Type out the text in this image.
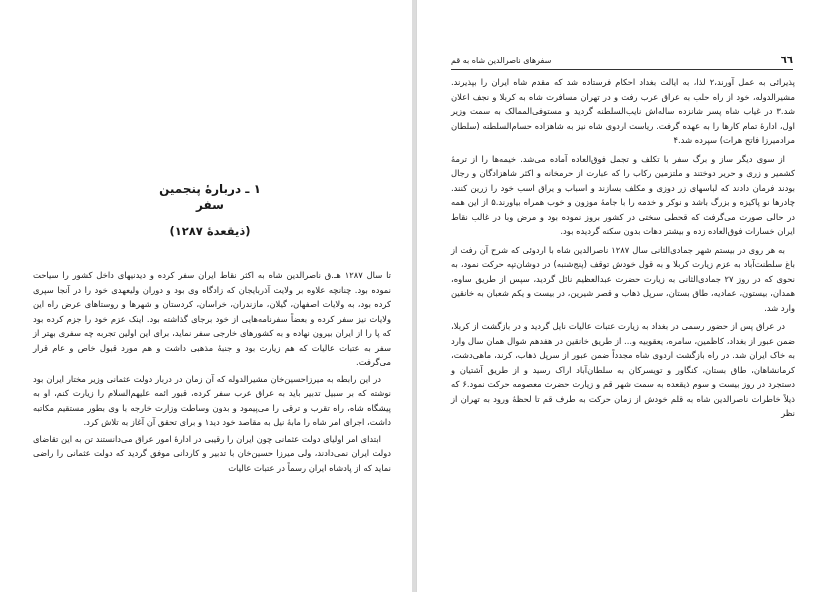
۱ ـ دربارهٔ پنجمین سفر

(ذیقعدهٔ ۱۲۸۷)

تا سال ۱۲۸۷ هـ.ق ناصرالدین شاه به اکثر نقاط ایران سفر کرده و دیدنیهای داخل کشور را سیاحت نموده بود. چنانچه علاوه بر ولایت آذربایجان که زادگاه وی بود و دوران ولیعهدی خود را در آنجا سپری کرده بود، به ولایات اصفهان، گیلان، مازندران، خراسان، کردستان و شهرها و روستاهای عرض راه این ولایات نیز سفر کرده و بعضاً سفرنامه‌هایی از خود برجای گذاشته بود. اینک عزم خود را جزم کرده بود که پا را از ایران بیرون نهاده و به کشورهای خارجی سفر نماید، برای این اولین تجربه چه سفری بهتر از سفر به عتبات عالیات که هم زیارت بود و جنبهٔ مذهبی داشت و هم مورد قبول خاص و عام قرار می‌گرفت.

در این رابطه به میرزاحسین‌خان مشیرالدوله که آن زمان در دربار دولت عثمانی وزیر مختار ایران بود نوشته که بر سبیل تدبیر باید به عراق عرب سفر کرده، قبور ائمه علیهم‌السلام را زیارت کنم، او به پیشگاه شاه، راه تقرب و ترقی را می‌پیمود و بدون وساطت وزارت خارجه با وی بطور مستقیم مکاتبه داشت، اجرای امر شاه را مابهٔ نیل به مقاصد خود دید۱ و برای تحقق آن آغاز به تلاش کرد.

ابتدای امر اولیای دولت عثمانی چون ایران را رقیبی در ادارهٔ امور عراق می‌دانستند تن به این تقاضای دولت ایران نمی‌دادند، ولی میرزا حسین‌خان با تدبیر و کاردانی موفق گردید که دولت عثمانی را راضی نماید که از پادشاه ایران رسماً در عتبات عالیات

٦٦
سفرهای ناصرالدین شاه به قم

پذیرائی به عمل آورند،۲ لذا، به ایالت بغداد احکام فرستاده شد که مقدم شاه ایران را بپذیرند. مشیرالدوله، خود از راه حلب به عراق عرب رفت و در تهران مسافرت شاه به کربلا و نجف اعلان شد.۳ در غیاب شاه پسر شانزده ساله‌اش نایب‌السلطنه گردید و مستوفی‌الممالک به سمت وزیر اول، ادارهٔ تمام کارها را به عهده گرفت. ریاست اردوی شاه نیز به شاهزاده حسام‌السلطنه (سلطان مرادمیرزا فاتح هرات) سپرده شد.۴

از سوی دیگر ساز و برگ سفر با تکلف و تجمل فوق‌العاده آماده می‌شد. خیمه‌ها را از ترمهٔ کشمیر و زری و حریر دوختند و ملتزمین رکاب را که عبارت از حرمخانه و اکثر شاهزادگان و رجال بودند فرمان دادند که لباسهای زر دوزی و مکلف بسازند و اسباب و یراق اسب خود را زرین کنند. چادرها نو پاکیزه و بزرگ باشد و نوکر و خدمه را با جامهٔ موزون و خوب همراه بیاورند.۵ از این همه در حالی صورت می‌گرفت که قحطی سختی در کشور بروز نموده بود و مرض وبا در غالب نقاط ایران خسارات فوق‌العاده زده و بیشتر دهات بدون سکنه گردیده بود.

به هر روی در بیستم شهر جمادی‌الثانی سال ۱۲۸۷ ناصرالدین شاه با اردوئی که شرح آن رفت از باغ سلطنت‌آباد به عزم زیارت کربلا و به قول خودش توقف (پنج‌شنبه) در دوشان‌تپه حرکت نمود، به نحوی که در روز ۲۷ جمادی‌الثانی به زیارت حضرت عبدالعظیم نائل گردید، سپس از طریق ساوه، همدان، بیستون، عمادیه، طاق بستان، سرپل ذهاب و قصر شیرین، در بیست و یکم شعبان به خانقین وارد شد.

در عراق پس از حضور رسمی در بغداد به زیارت عتبات عالیات نایل گردید و در بازگشت از کربلا، ضمن عبور از بغداد، کاظمین، سامره، یعقوبیه و... از طریق خانقین در هفدهم شوال همان سال وارد به خاک ایران شد. در راه بازگشت اردوی شاه مجدداً ضمن عبور از سرپل ذهاب، کرند، ماهی‌دشت، کرمانشاهان، طاق بستان، کنگاور و تویسرکان به سلطان‌آباد اراک رسید و از طریق آشتیان و دستجرد در روز بیست و سوم ذیقعده به سمت شهر قم و زیارت حضرت معصومه حرکت نمود.۶ که ذیلاً خاطرات ناصرالدین شاه به قلم خودش از زمان حرکت به طرف قم تا لحظهٔ ورود به تهران از نظر
